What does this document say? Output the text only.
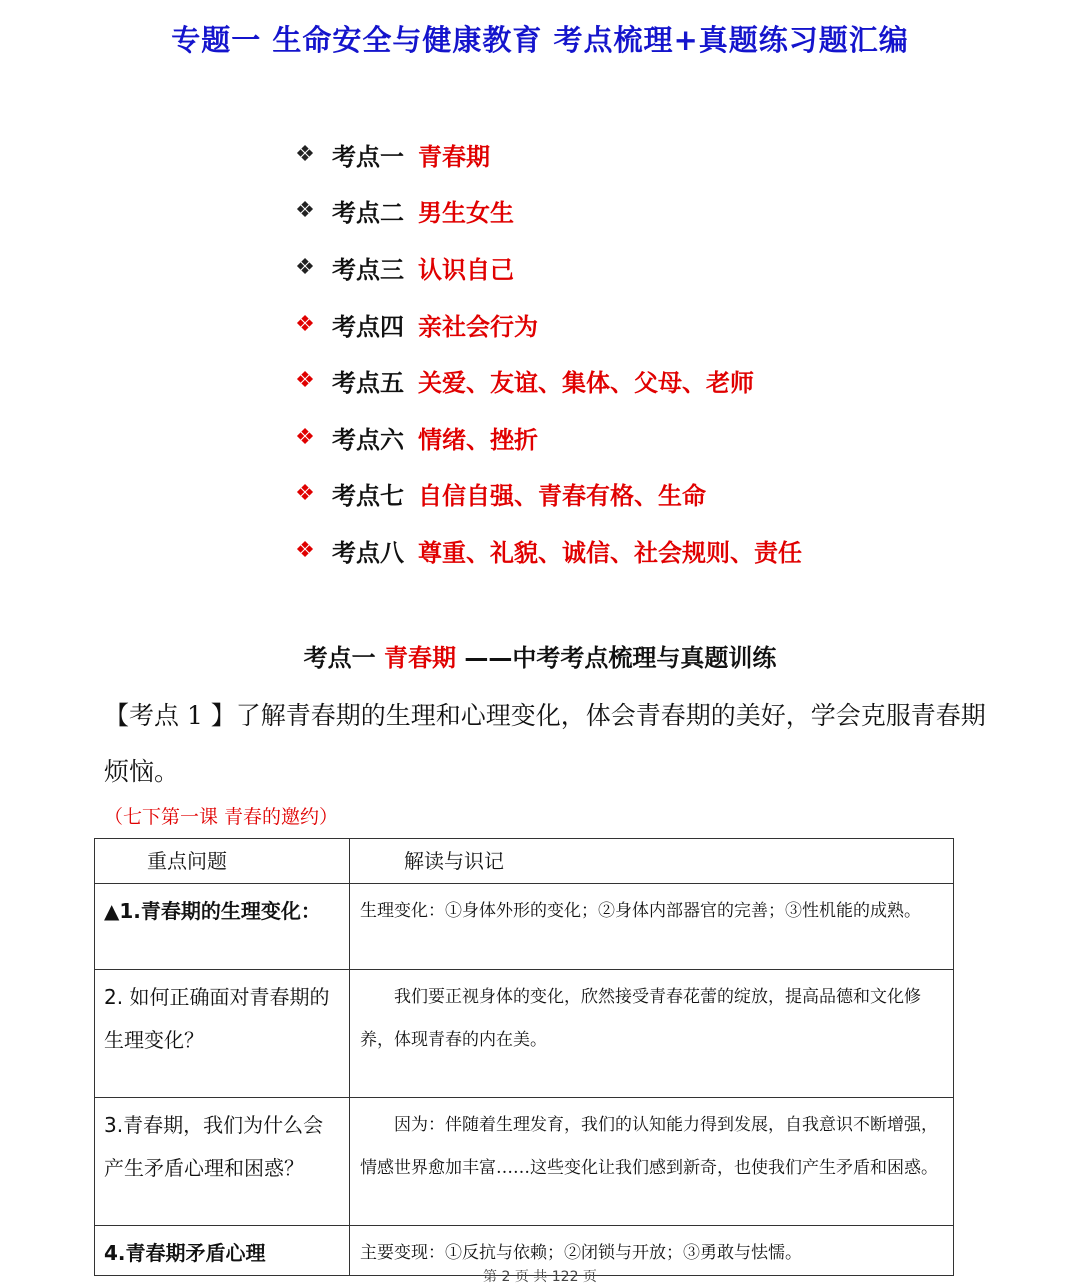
专题一 生命安全与健康教育 考点梳理+真题练习题汇编
❖ 考点一 青春期
❖ 考点二 男生女生
❖ 考点三 认识自己
❖ 考点四 亲社会行为
❖ 考点五 关爱、友谊、集体、父母、老师
❖ 考点六 情绪、挫折
❖ 考点七 自信自强、青春有格、生命
❖ 考点八 尊重、礼貌、诚信、社会规则、责任
考点一 青春期 ——中考考点梳理与真题训练
【考点 1 】了解青春期的生理和心理变化，体会青春期的美好，学会克服青春期烦恼。
（七下第一课 青春的邀约）
重点问题	解读与识记
▲1.青春期的生理变化：	生理变化：①身体外形的变化；②身体内部器官的完善；③性机能的成熟。
2. 如何正确面对青春期的生理变化？	我们要正视身体的变化，欣然接受青春花蕾的绽放，提高品德和文化修养，体现青春的内在美。
3.青春期，我们为什么会产生矛盾心理和困惑？	因为：伴随着生理发育，我们的认知能力得到发展，自我意识不断增强，情感世界愈加丰富……这些变化让我们感到新奇，也使我们产生矛盾和困惑。
4.青春期矛盾心理	主要变现：①反抗与依赖；②闭锁与开放；③勇敢与怯懦。
第 2 页 共 122 页
